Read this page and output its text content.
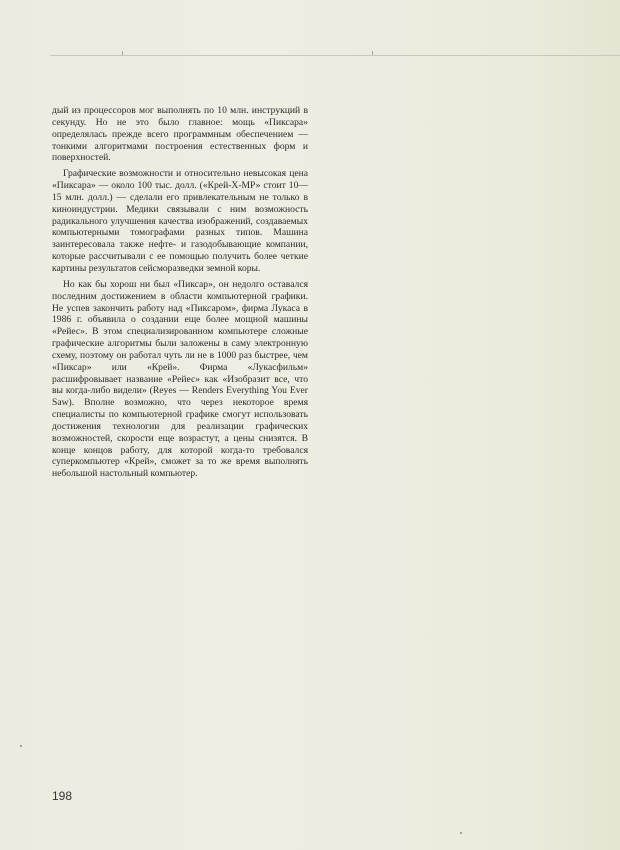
дый из процессоров мог выполнять по 10 млн. инструкций в секунду. Но не это было главное: мощь «Пиксара» определялась прежде всего программным обеспечением — тонкими алгоритмами построения естественных форм и поверхностей.

Графические возможности и относительно невысокая цена «Пиксара» — около 100 тыс. долл. («Крей-Х-МР» стоит 10—15 млн. долл.) — сделали его привлекательным не только в киноиндустрии. Медики связывали с ним возможность радикального улучшения качества изображений, создаваемых компьютерными томографами разных типов. Машина заинтересовала также нефте- и газодобывающие компании, которые рассчитывали с ее помощью получить более четкие картины результатов сейсморазведки земной коры.

Но как бы хорош ни был «Пиксар», он недолго оставался последним достижением в области компьютерной графики. Не успев закончить работу над «Пиксаром», фирма Лукаса в 1986 г. объявила о создании еще более мощной машины «Рейес». В этом специализированном компьютере сложные графические алгоритмы были заложены в саму электронную схему, поэтому он работал чуть ли не в 1000 раз быстрее, чем «Пиксар» или «Крей». Фирма «Лукасфильм» расшифровывает название «Рейес» как «Изобразит все, что вы когда-либо видели» (Reyes — Renders Everything You Ever Saw). Вполне возможно, что через некоторое время специалисты по компьютерной графике смогут использовать достижения технологии для реализации графических возможностей, скорости еще возрастут, а цены снизятся. В конце концов работу, для которой когда-то требовался суперкомпьютер «Крей», сможет за то же время выполнять небольшой настольный компьютер.

198
